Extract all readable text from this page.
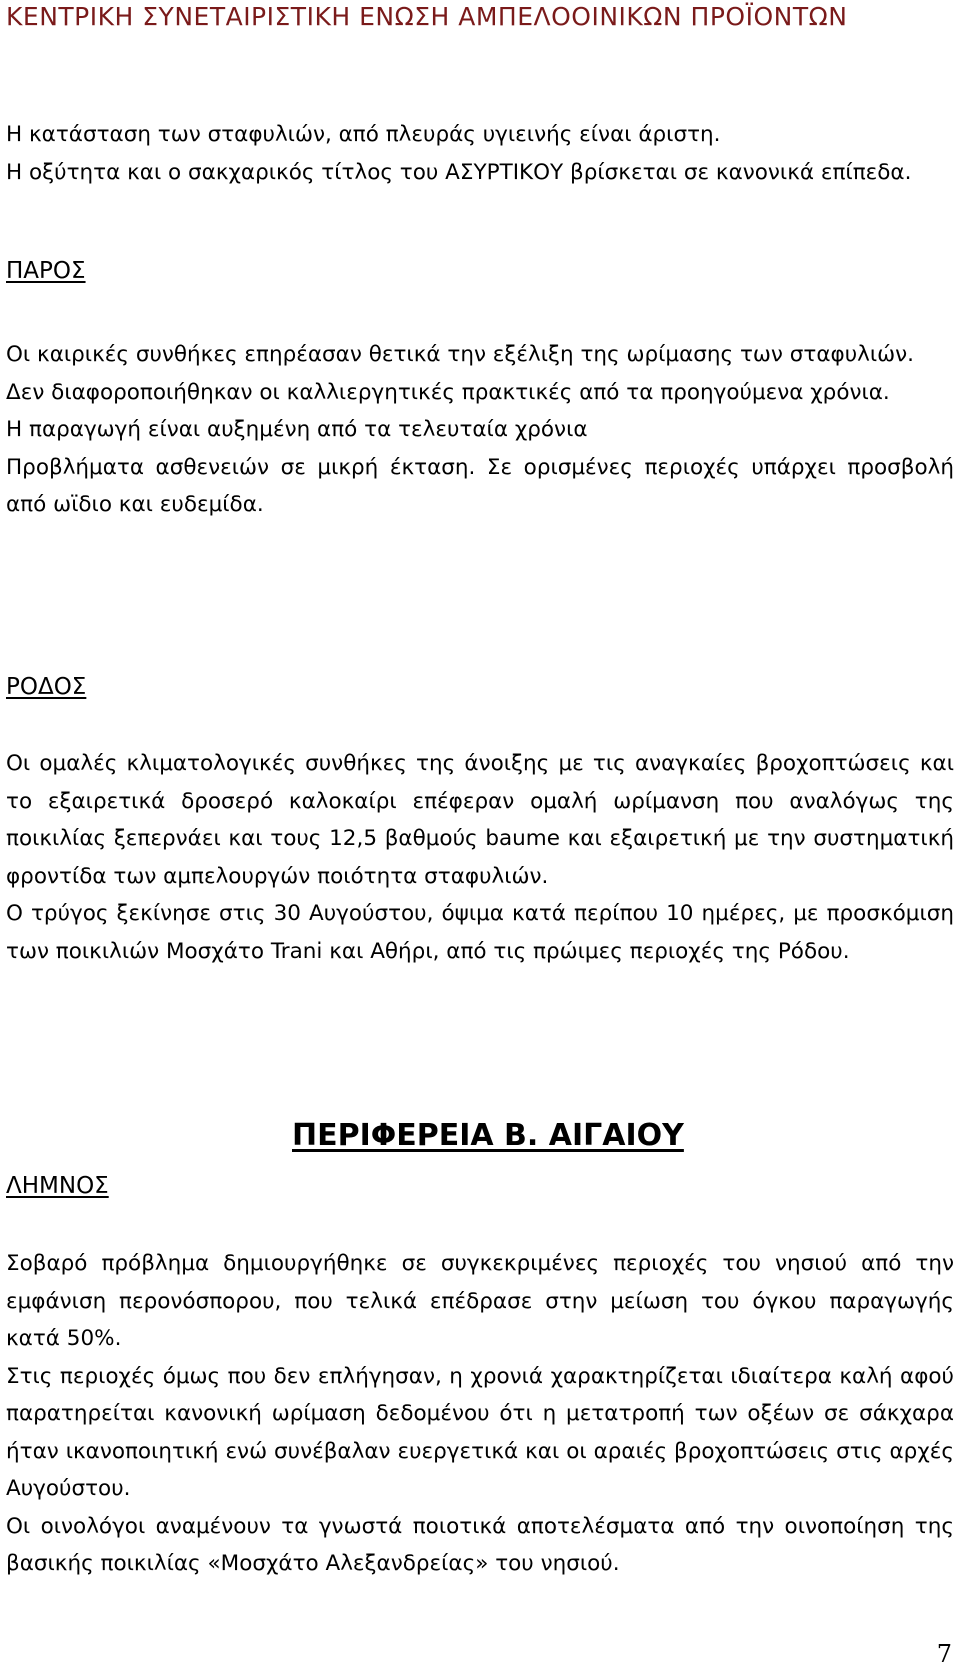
ΚΕΝΤΡΙΚΗ ΣΥΝΕΤΑΙΡΙΣΤΙΚΗ ΕΝΩΣΗ ΑΜΠΕΛΟΟΙΝΙΚΩΝ ΠΡΟΪΟΝΤΩΝ

Η κατάσταση των σταφυλιών, από πλευράς υγιεινής είναι άριστη.

Η οξύτητα και ο σακχαρικός τίτλος του ΑΣΥΡΤΙΚΟΥ βρίσκεται σε κανονικά επίπεδα.

ΠΑΡΟΣ

Οι καιρικές συνθήκες επηρέασαν θετικά την εξέλιξη της ωρίμασης των σταφυλιών.

Δεν διαφοροποιήθηκαν οι καλλιεργητικές πρακτικές από τα προηγούμενα χρόνια.

Η παραγωγή είναι αυξημένη από τα τελευταία χρόνια

Προβλήματα ασθενειών σε μικρή έκταση. Σε ορισμένες περιοχές υπάρχει προσβολή από ωϊδιο και ευδεμίδα.

ΡΟΔΟΣ

Οι ομαλές κλιματολογικές συνθήκες της άνοιξης με τις αναγκαίες βροχοπτώσεις και το εξαιρετικά δροσερό καλοκαίρι επέφεραν ομαλή ωρίμανση που αναλόγως της ποικιλίας ξεπερνάει και τους 12,5 βαθμούς baume και εξαιρετική με την συστηματική φροντίδα των αμπελουργών ποιότητα σταφυλιών.

Ο τρύγος ξεκίνησε στις 30 Αυγούστου, όψιμα κατά περίπου 10 ημέρες, με προσκόμιση των ποικιλιών Μοσχάτο Trani και Αθήρι, από τις πρώιμες περιοχές της Ρόδου.

ΠΕΡΙΦΕΡΕΙΑ Β. ΑΙΓΑΙΟΥ
ΛΗΜΝΟΣ

Σοβαρό πρόβλημα δημιουργήθηκε σε συγκεκριμένες περιοχές του νησιού από την εμφάνιση περονόσπορου, που τελικά επέδρασε στην μείωση του όγκου παραγωγής κατά 50%.

Στις περιοχές όμως που δεν επλήγησαν, η χρονιά χαρακτηρίζεται ιδιαίτερα καλή αφού παρατηρείται κανονική ωρίμαση δεδομένου ότι η μετατροπή των οξέων σε σάκχαρα ήταν ικανοποιητική ενώ συνέβαλαν ευεργετικά και οι αραιές βροχοπτώσεις στις αρχές Αυγούστου.

Οι οινολόγοι αναμένουν τα γνωστά ποιοτικά αποτελέσματα από την οινοποίηση της βασικής ποικιλίας «Μοσχάτο Αλεξανδρείας» του νησιού.

7
